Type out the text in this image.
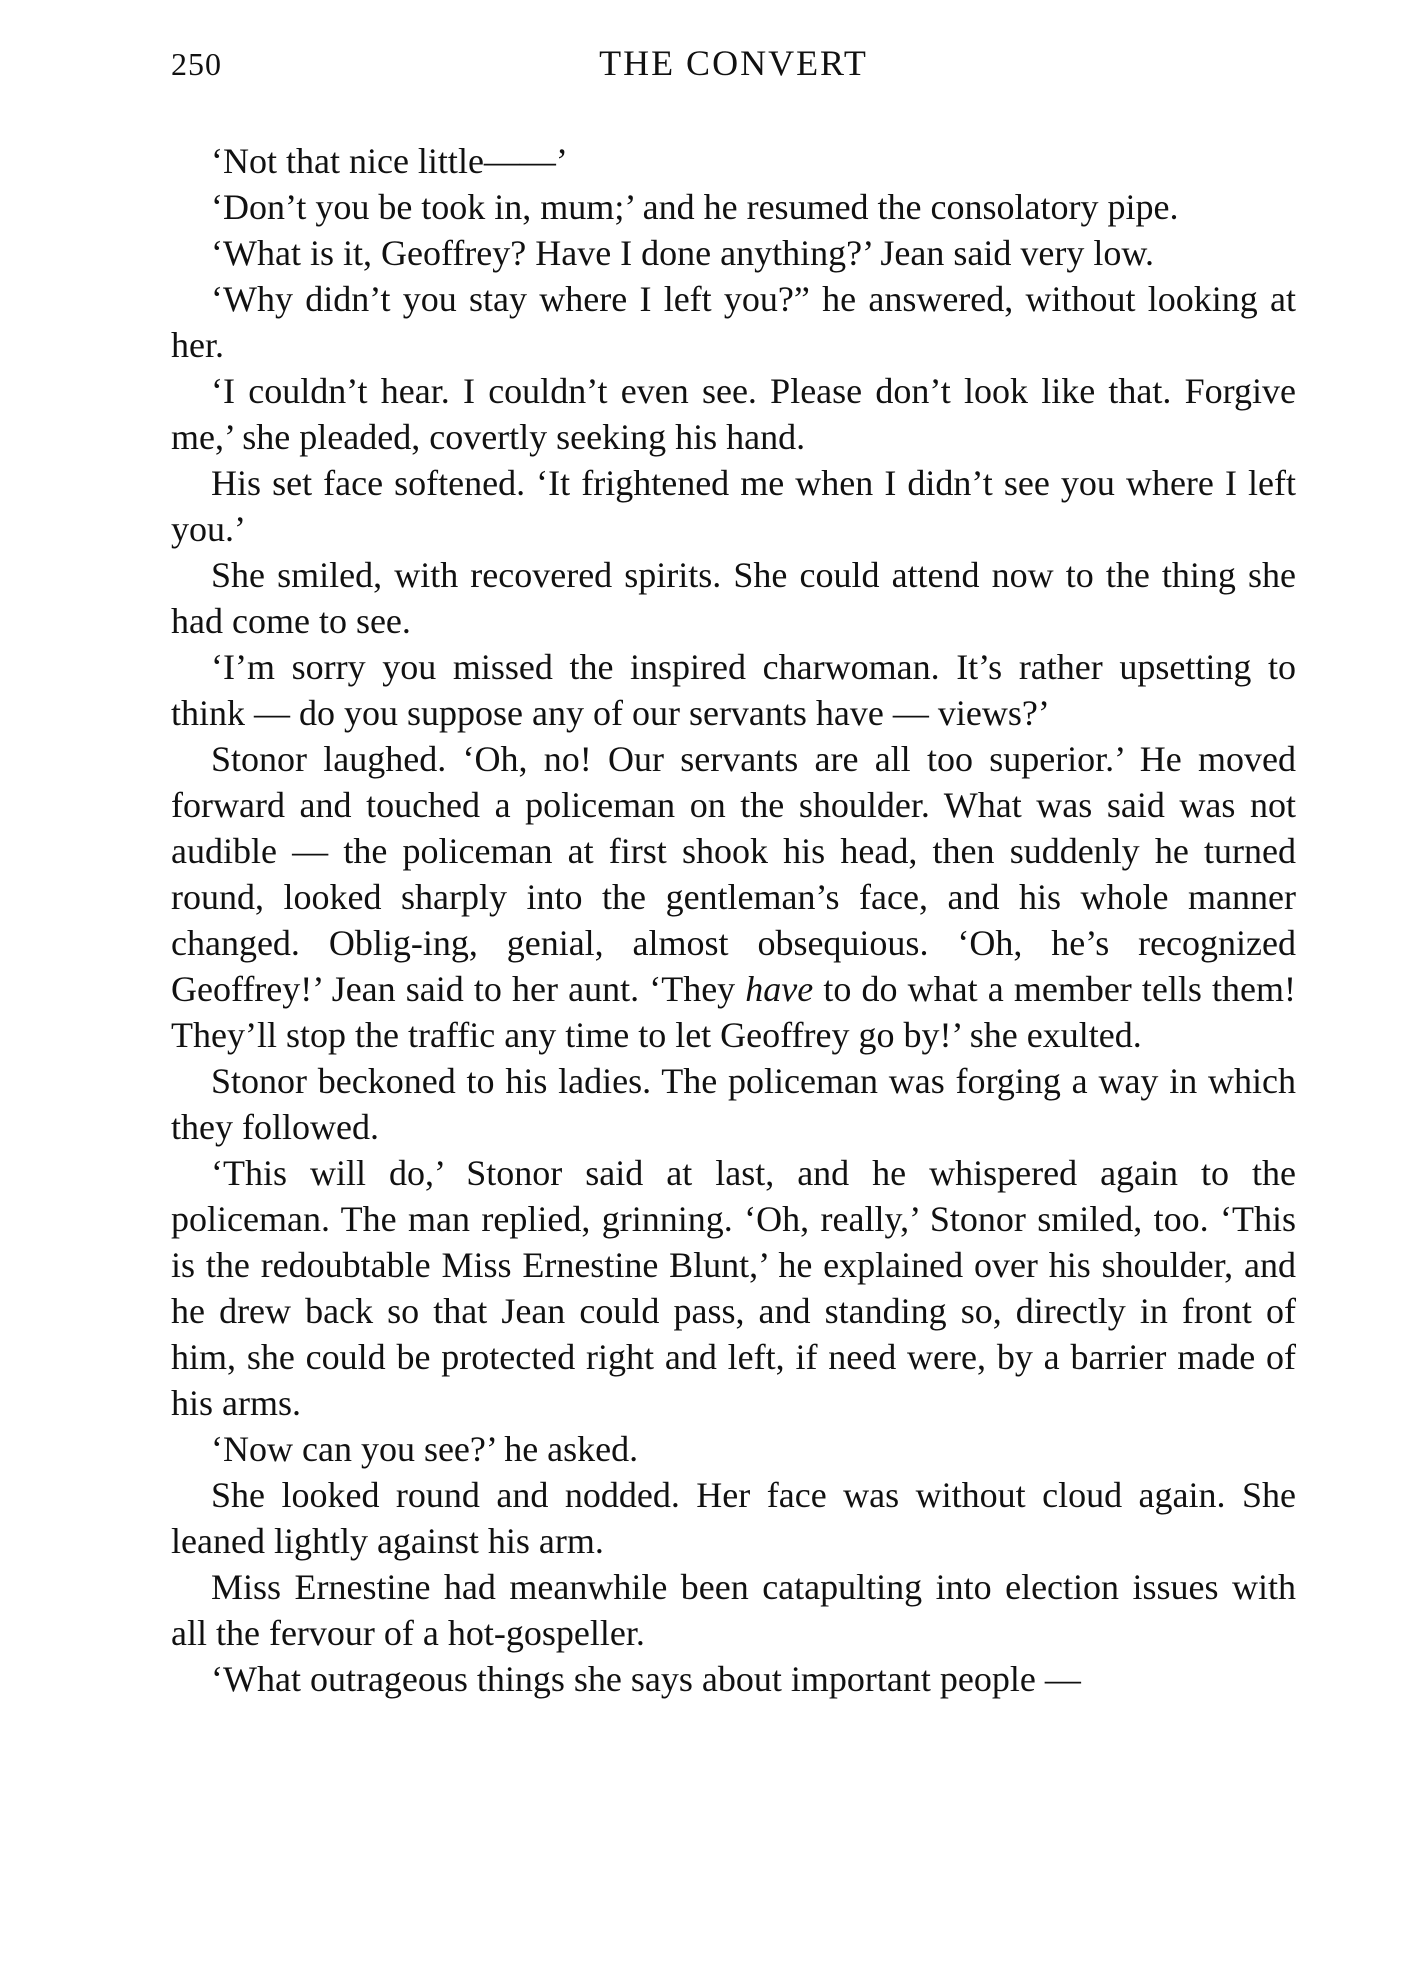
250	THE CONVERT

‘Not that nice little——’

‘Don’t you be took in, mum;’ and he resumed the consolatory pipe.

‘What is it, Geoffrey? Have I done anything?’ Jean said very low.

‘Why didn’t you stay where I left you?” he answered, without looking at her.

‘I couldn’t hear. I couldn’t even see. Please don’t look like that. Forgive me,’ she pleaded, covertly seeking his hand.

His set face softened. ‘It frightened me when I didn’t see you where I left you.’

She smiled, with recovered spirits. She could attend now to the thing she had come to see.

‘I’m sorry you missed the inspired charwoman. It’s rather upsetting to think — do you suppose any of our servants have — views?’

Stonor laughed. ‘Oh, no! Our servants are all too superior.’ He moved forward and touched a policeman on the shoulder. What was said was not audible — the policeman at first shook his head, then suddenly he turned round, looked sharply into the gentleman’s face, and his whole manner changed. Oblig-ing, genial, almost obsequious. ‘Oh, he’s recognized Geoffrey!’ Jean said to her aunt. ‘They have to do what a member tells them! They’ll stop the traffic any time to let Geoffrey go by!’ she exulted.

Stonor beckoned to his ladies. The policeman was forging a way in which they followed.

‘This will do,’ Stonor said at last, and he whispered again to the policeman. The man replied, grinning. ‘Oh, really,’ Stonor smiled, too. ‘This is the redoubtable Miss Ernestine Blunt,’ he explained over his shoulder, and he drew back so that Jean could pass, and standing so, directly in front of him, she could be protected right and left, if need were, by a barrier made of his arms.

‘Now can you see?’ he asked.

She looked round and nodded. Her face was without cloud again. She leaned lightly against his arm.

Miss Ernestine had meanwhile been catapulting into election issues with all the fervour of a hot-gospeller.

‘What outrageous things she says about important people —
